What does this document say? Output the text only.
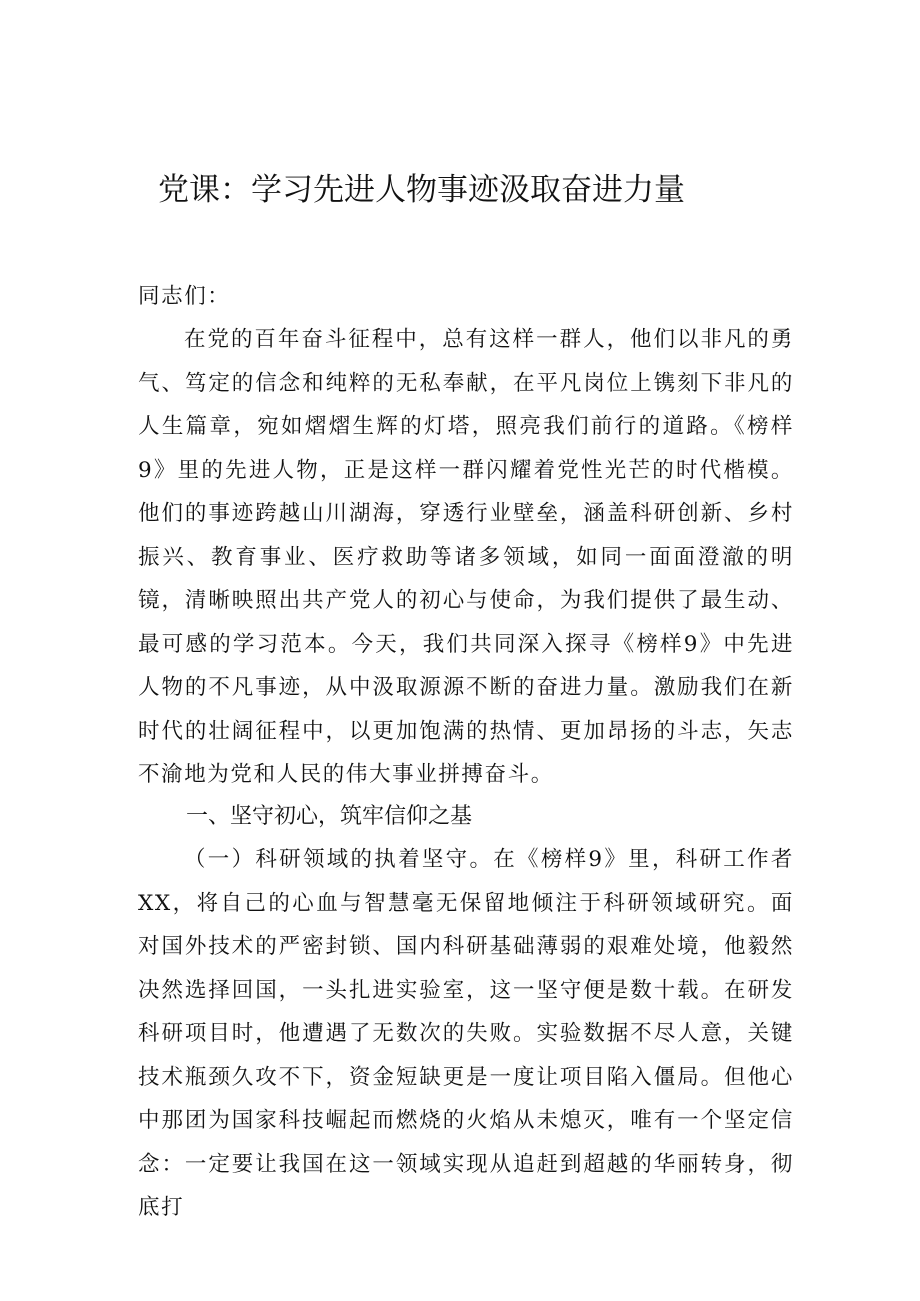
党课：学习先进人物事迹汲取奋进力量

同志们：

在党的百年奋斗征程中，总有这样一群人，他们以非凡的勇气、笃定的信念和纯粹的无私奉献，在平凡岗位上镌刻下非凡的人生篇章，宛如熠熠生辉的灯塔，照亮我们前行的道路。《榜样9》里的先进人物，正是这样一群闪耀着党性光芒的时代楷模。他们的事迹跨越山川湖海，穿透行业壁垒，涵盖科研创新、乡村振兴、教育事业、医疗救助等诸多领域，如同一面面澄澈的明镜，清晰映照出共产党人的初心与使命，为我们提供了最生动、最可感的学习范本。今天，我们共同深入探寻《榜样9》中先进人物的不凡事迹，从中汲取源源不断的奋进力量。激励我们在新时代的壮阔征程中，以更加饱满的热情、更加昂扬的斗志，矢志不渝地为党和人民的伟大事业拼搏奋斗。

一、坚守初心，筑牢信仰之基

（一）科研领域的执着坚守。在《榜样9》里，科研工作者XX，将自己的心血与智慧毫无保留地倾注于科研领域研究。面对国外技术的严密封锁、国内科研基础薄弱的艰难处境，他毅然决然选择回国，一头扎进实验室，这一坚守便是数十载。在研发科研项目时，他遭遇了无数次的失败。实验数据不尽人意，关键技术瓶颈久攻不下，资金短缺更是一度让项目陷入僵局。但他心中那团为国家科技崛起而燃烧的火焰从未熄灭，唯有一个坚定信念：一定要让我国在这一领域实现从追赶到超越的华丽转身，彻底打
